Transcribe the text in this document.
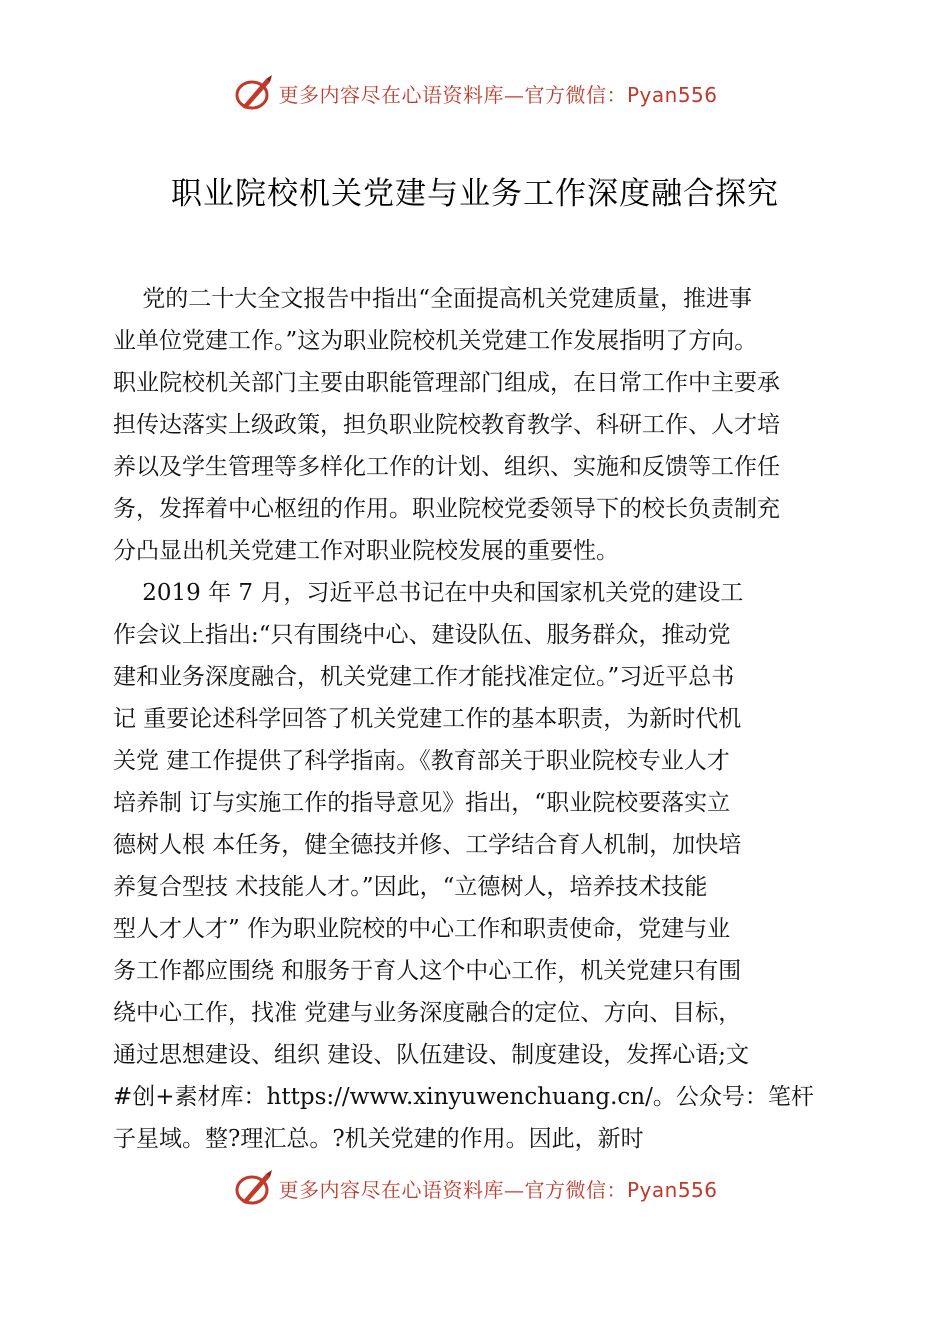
更多内容尽在心语资料库—官方微信：Pyan556
职业院校机关党建与业务工作深度融合探究
党的二十大全文报告中指出“全面提高机关党建质量，推进事
业单位党建工作。”这为职业院校机关党建工作发展指明了方向。
职业院校机关部门主要由职能管理部门组成，在日常工作中主要承
担传达落实上级政策，担负职业院校教育教学、科研工作、人才培
养以及学生管理等多样化工作的计划、组织、实施和反馈等工作任
务，发挥着中心枢纽的作用。职业院校党委领导下的校长负责制充
分凸显出机关党建工作对职业院校发展的重要性。
2019 年 7 月，习近平总书记在中央和国家机关党的建设工
作会议上指出:“只有围绕中心、建设队伍、服务群众，推动党
建和业务深度融合，机关党建工作才能找准定位。”习近平总书
记 重要论述科学回答了机关党建工作的基本职责，为新时代机
关党 建工作提供了科学指南。《教育部关于职业院校专业人才
培养制 订与实施工作的指导意见》指出，“职业院校要落实立
德树人根 本任务，健全德技并修、工学结合育人机制，加快培
养复合型技 术技能人才。”因此，“立德树人，培养技术技能
型人才人才” 作为职业院校的中心工作和职责使命，党建与业
务工作都应围绕 和服务于育人这个中心工作，机关党建只有围
绕中心工作，找准 党建与业务深度融合的定位、方向、目标，
通过思想建设、组织 建设、队伍建设、制度建设，发挥心语;文
#创+素材库：https://www.xinyuwenchuang.cn/。公众号：笔杆
子星域。整?理汇总。?机关党建的作用。因此，新时
更多内容尽在心语资料库—官方微信：Pyan556
